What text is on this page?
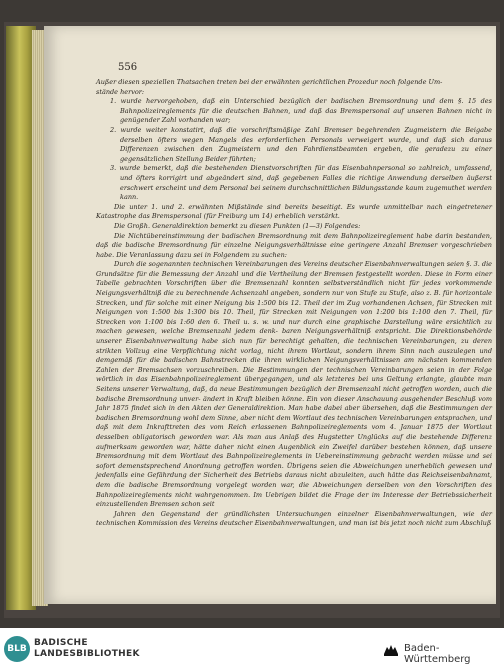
556

Außer diesen speziellen Thatsachen treten bei der erwähnten gerichtlichen Prozedur noch folgende Um-

stände hervor:

1. wurde hervorgehoben, daß ein Unterschied bezüglich der badischen Bremsordnung und dem §. 15 des Bahnpolizeireglements für die deutschen Bahnen, und daß das Bremspersonal auf unseren Bahnen nicht in genügender Zahl vorhanden war;
2. wurde weiter konstatirt, daß die vorschriftsmäßige Zahl Bremser begehrenden Zugmeistern die Beigabe derselben öfters wegen Mangels des erforderlichen Personals verweigert wurde, und daß sich daraus Differenzen zwischen den Zugmeistern und den Fahrdienstbeamten ergeben, die geradezu zu einer gegensätzlichen Stellung Beider führten;
3. wurde bemerkt, daß die bestehenden Dienstvorschriften für das Eisenbahnpersonal so zahlreich, umfassend, und öfters korrigirt und abgeändert sind, daß gegebenen Falles die richtige Anwendung derselben äußerst erschwert erscheint und dem Personal bei seinem durchschnittlichen Bildungsstande kaum zugemuthet werden kann.

Die unter 1. und 2. erwähnten Mißstände sind bereits beseitigt. Es wurde unmittelbar nach eingetretener Katastrophe das Bremspersonal (für Freiburg um 14) erheblich verstärkt.

Die Großh. Generaldirektion bemerkt zu diesen Punkten (1—3) Folgendes:

Die Nichtübereinstimmung der badischen Bremsordnung mit dem Bahnpolizeireglement habe darin bestanden, daß die badische Bremsordnung für einzelne Neigungsverhältnisse eine geringere Anzahl Bremser vorgeschrieben habe. Die Veranlassung dazu sei in Folgendem zu suchen:

Durch die sogenannten technischen Vereinbarungen des Vereins deutscher Eisenbahnverwaltungen seien §. 3. die Grundsätze für die Bemessung der Anzahl und die Vertheilung der Bremsen festgestellt worden. Diese in Form einer Tabelle gebrachten Vorschriften über die Bremsenzahl konnten selbstverständlich nicht für jedes vorkommende Neigungsverhältniß die zu berechnende Achsenzahl angeben, sondern nur von Stufe zu Stufe, also z. B. für horizontale Strecken, und für solche mit einer Neigung bis 1:500 bis 12. Theil der im Zug vorhandenen Achsen, für Strecken mit Neigungen von 1:500 bis 1:300 bis 10. Theil, für Strecken mit Neigungen von 1:200 bis 1:100 den 7. Theil, für Strecken von 1:100 bis 1:60 den 6. Theil u. s. w. und nur durch eine graphische Darstellung wäre ersichtlich zu machen gewesen, welche Bremsenzahl jedem denk- baren Neigungsverhältniß entspricht. Die Direktionsbehörde unserer Eisenbahnverwaltung habe sich nun für berechtigt gehalten, die technischen Vereinbarungen, zu deren strikten Vollzug eine Verpflichtung nicht vorlag, nicht ihrem Wortlaut, sondern ihrem Sinn nach auszulegen und demgemäß für die badischen Bahnstrecken die ihren wirklichen Neigungsverhältnissen am nächsten kommenden Zahlen der Bremsachsen vorzuschreiben. Die Bestimmungen der technischen Vereinbarungen seien in der Folge wörtlich in das Eisenbahnpolizeireglement übergegangen, und als letzteres bei uns Geltung erlangte, glaubte man Seitens unserer Verwaltung, daß, da neue Bestimmungen bezüglich der Bremsenzahl nicht getroffen worden, auch die badische Bremsordnung unver- ändert in Kraft bleiben könne. Ein von dieser Anschauung ausgehender Beschluß vom Jahr 1875 findet sich in den Akten der Generaldirektion. Man habe dabei aber übersehen, daß die Bestimmungen der badischen Bremsordnung wohl dem Sinne, aber nicht dem Wortlaut des technischen Vereinbarungen entsprachen, und daß mit dem Inkrafttreten des vom Reich erlassenen Bahnpolizeireglements vom 4. Januar 1875 der Wortlaut desselben obligatorisch geworden war. Als man aus Anlaß des Hugstetter Unglücks auf die bestehende Differenz aufmerksam geworden war, hätte daher nicht einen Augenblick ein Zweifel darüber bestehen können, daß unsere Bremsordnung mit dem Wortlaut des Bahnpolizeireglements in Uebereinstimmung gebracht werden müsse und sei sofort demenstsprechend Anordnung getroffen worden. Übrigens seien die Abweichungen unerheblich gewesen und jedenfalls eine Gefährdung der Sicherheit des Betriebs daraus nicht abzuleiten, auch hätte das Reichseisenbahnamt, dem die badische Bremsordnung vorgelegt worden war, die Abweichungen derselben von den Vorschriften des Bahnpolizeireglements nicht wahrgenommen. Im Uebrigen bildet die Frage der im Interesse der Betriebssicherheit einzustellenden Bremsen schon seit

Jahren den Gegenstand der gründlichsten Untersuchungen einzelner Eisenbahnverwaltungen, wie der technischen Kommission des Vereins deutscher Eisenbahnverwaltungen, und man ist bis jetzt noch nicht zum Abschluß

BLB
BADISCHE
LANDESBIBLIOTHEK	Baden-Württemberg
